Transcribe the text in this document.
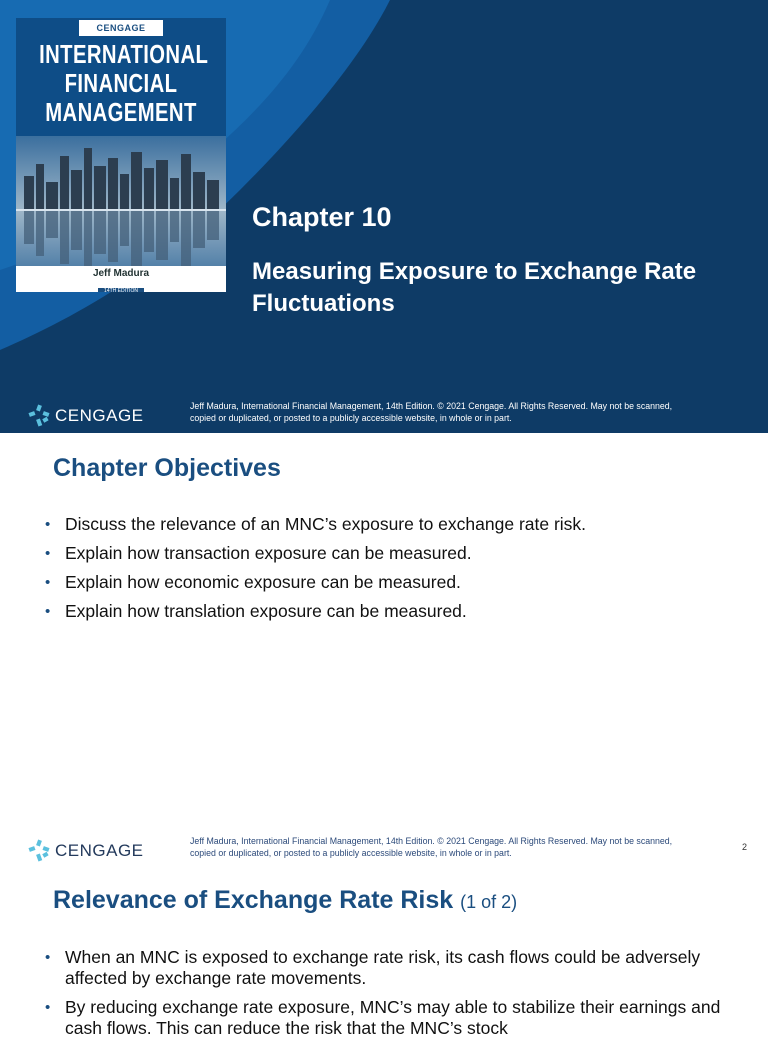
CENGAGE
INTERNATIONAL
FINANCIAL
MANAGEMENT
Jeff Madura
14TH EDITION
Chapter 10
Measuring Exposure to Exchange Rate Fluctuations
CENGAGE	Jeff Madura, International Financial Management, 14th Edition. © 2021 Cengage. All Rights Reserved. May not be scanned,
copied or duplicated, or posted to a publicly accessible website, in whole or in part.
Chapter Objectives
• Discuss the relevance of an MNC’s exposure to exchange rate risk.
• Explain how transaction exposure can be measured.
• Explain how economic exposure can be measured.
• Explain how translation exposure can be measured.
CENGAGE	Jeff Madura, International Financial Management, 14th Edition. © 2021 Cengage. All Rights Reserved. May not be scanned,
copied or duplicated, or posted to a publicly accessible website, in whole or in part.
2
Relevance of Exchange Rate Risk (1 of 2)
• When an MNC is exposed to exchange rate risk, its cash flows could be adversely affected by exchange rate movements.
• By reducing exchange rate exposure, MNC’s may able to stabilize their earnings and cash flows. This can reduce the risk that the MNC’s stock
